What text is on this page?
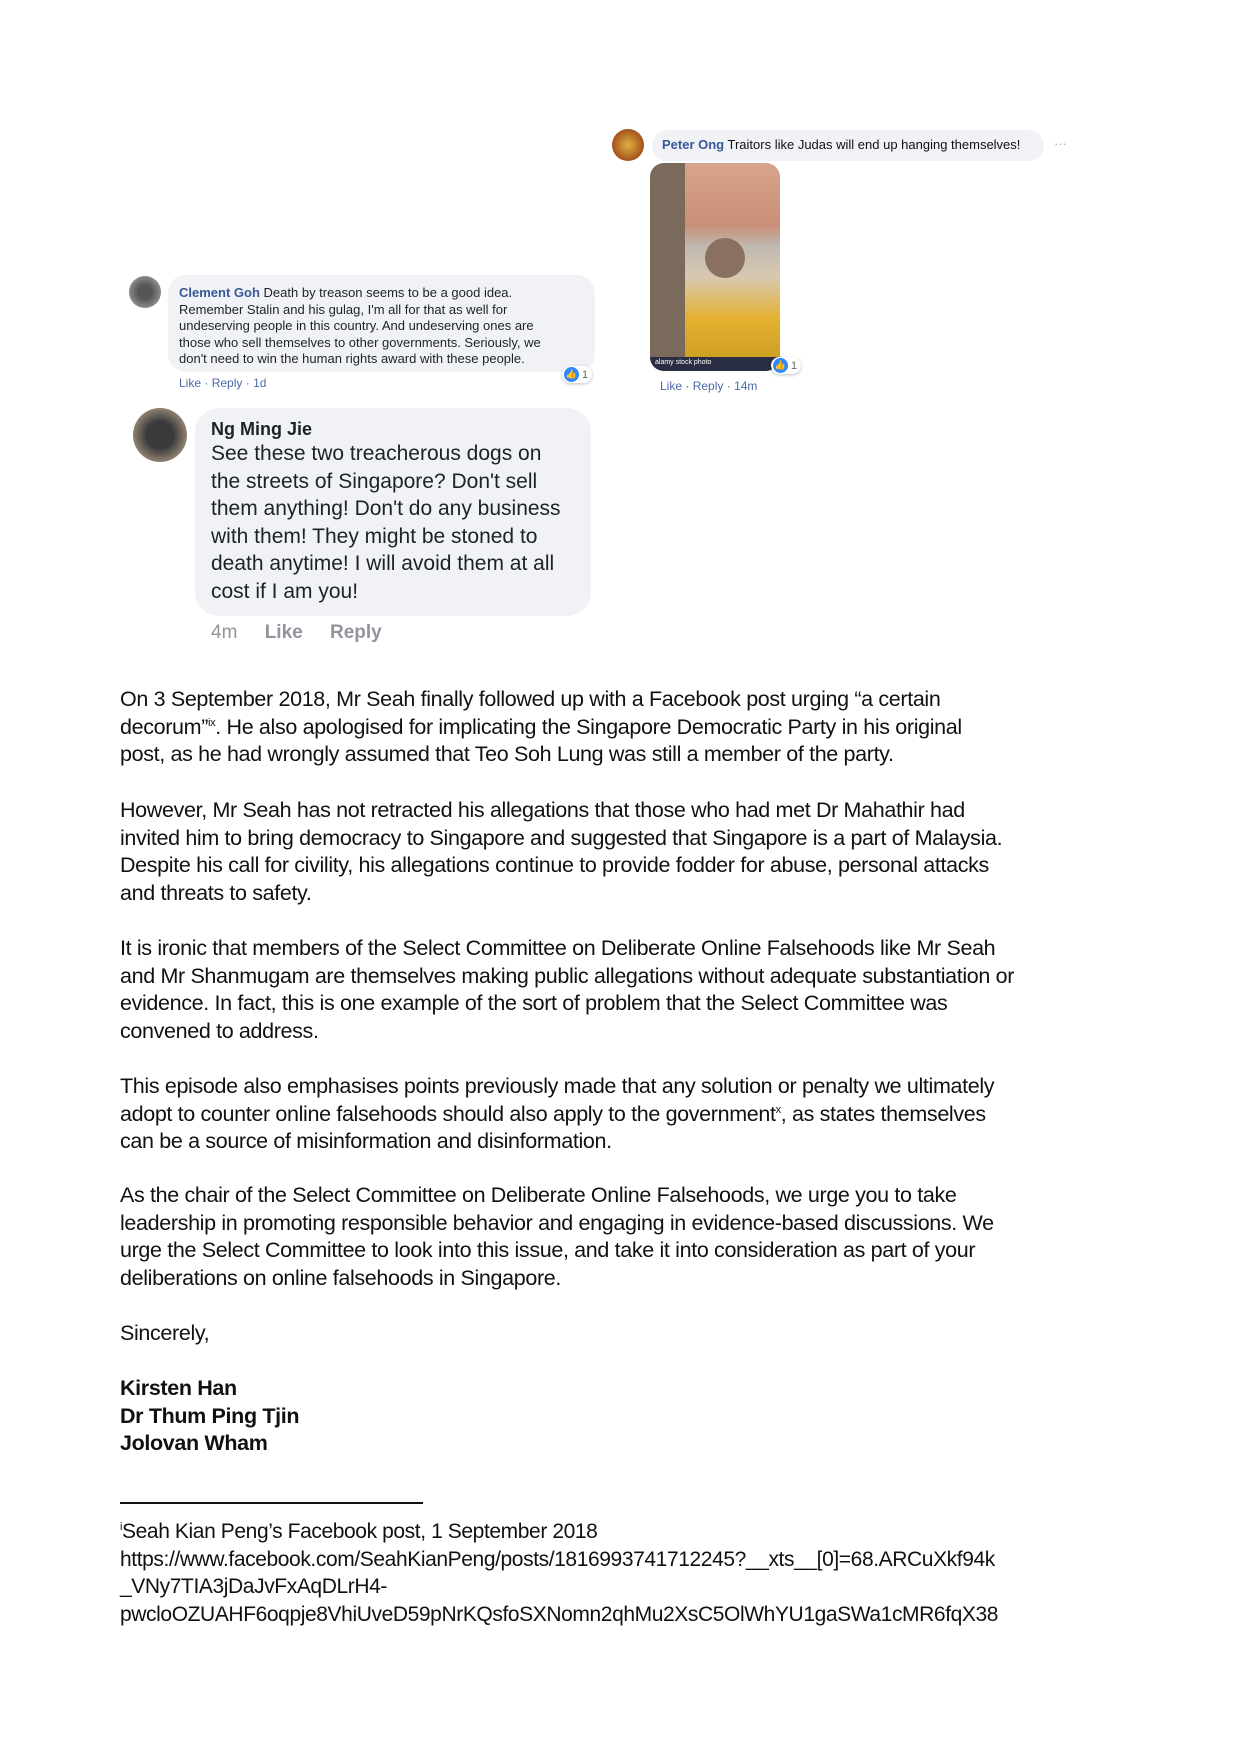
Peter Ong Traitors like Judas will end up hanging themselves!	···
alamy stock photo	👍 1
Like · Reply · 14m
Clement Goh Death by treason seems to be a good idea.
Remember Stalin and his gulag, I'm all for that as well for
undeserving people in this country. And undeserving ones are
those who sell themselves to other governments. Seriously, we
don't need to win the human rights award with these people.
👍 1
Like · Reply · 1d
Ng Ming Jie
See these two treacherous dogs on
the streets of Singapore? Don't sell
them anything! Don't do any business
with them! They might be stoned to
death anytime! I will avoid them at all
cost if I am you!
4m Like Reply
On 3 September 2018, Mr Seah finally followed up with a Facebook post urging “a certain
decorum”$^{ix}$. He also apologised for implicating the Singapore Democratic Party in his original
post, as he had wrongly assumed that Teo Soh Lung was still a member of the party.
However, Mr Seah has not retracted his allegations that those who had met Dr Mahathir had
invited him to bring democracy to Singapore and suggested that Singapore is a part of Malaysia.
Despite his call for civility, his allegations continue to provide fodder for abuse, personal attacks
and threats to safety.
It is ironic that members of the Select Committee on Deliberate Online Falsehoods like Mr Seah
and Mr Shanmugam are themselves making public allegations without adequate substantiation or
evidence. In fact, this is one example of the sort of problem that the Select Committee was
convened to address.
This episode also emphasises points previously made that any solution or penalty we ultimately
adopt to counter online falsehoods should also apply to the government$^x$, as states themselves
can be a source of misinformation and disinformation.
As the chair of the Select Committee on Deliberate Online Falsehoods, we urge you to take
leadership in promoting responsible behavior and engaging in evidence-based discussions. We
urge the Select Committee to look into this issue, and take it into consideration as part of your
deliberations on online falsehoods in Singapore.
Sincerely,
Kirsten Han
Dr Thum Ping Tjin
Jolovan Wham
$^i$Seah Kian Peng’s Facebook post, 1 September 2018
https://www.facebook.com/SeahKianPeng/posts/1816993741712245?__xts__[0]=68.ARCuXkf94k
_VNy7TIA3jDaJvFxAqDLrH4-
pwcloOZUAHF6oqpje8VhiUveD59pNrKQsfoSXNomn2qhMu2XsC5OlWhYU1gaSWa1cMR6fqX38
